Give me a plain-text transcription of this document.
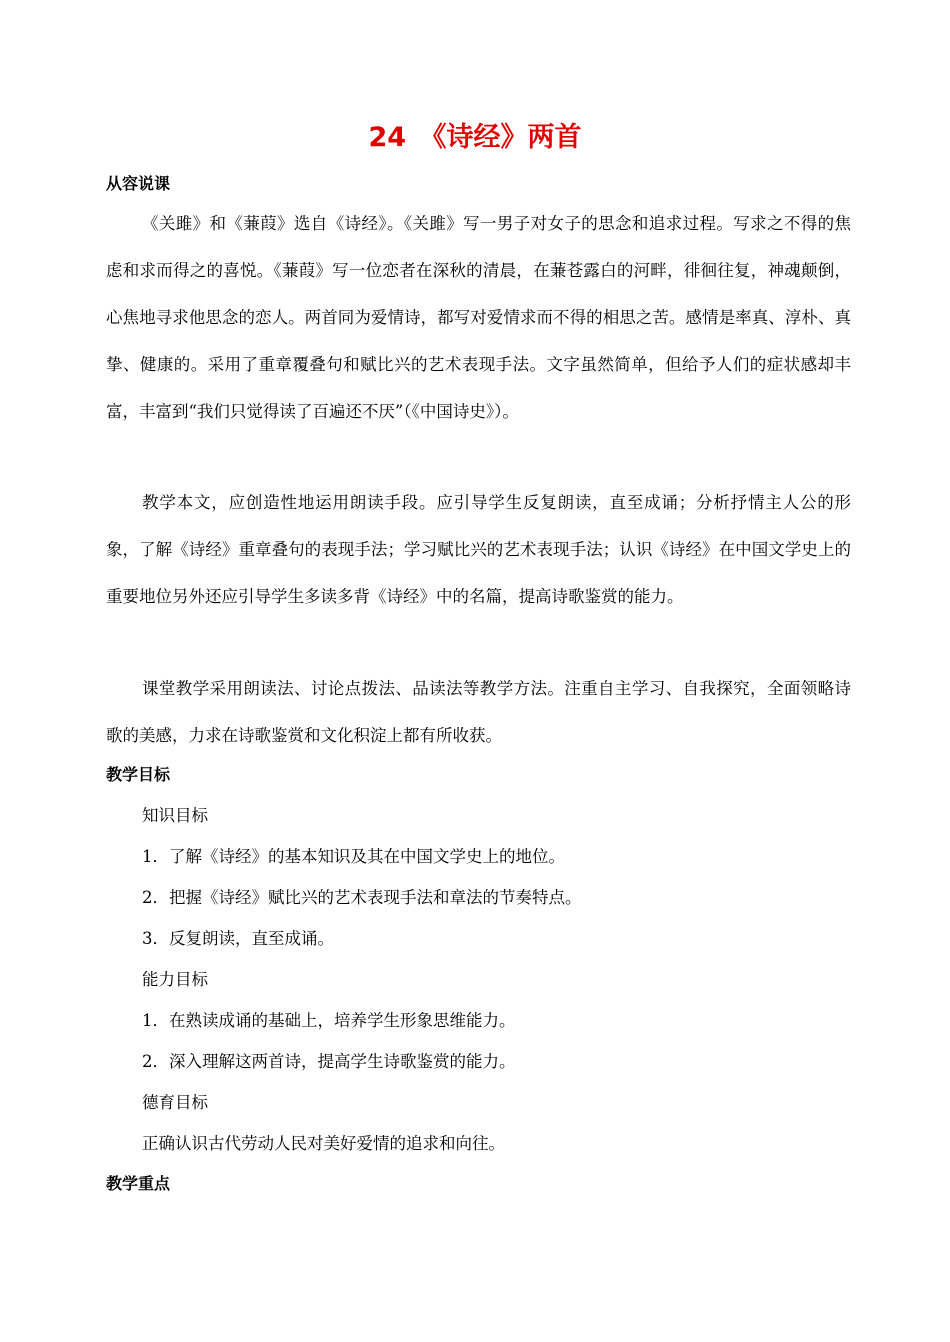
24　《诗经》两首
从容说课
《关雎》和《蒹葭》选自《诗经》。《关雎》写一男子对女子的思念和追求过程。写求之不得的焦虑和求而得之的喜悦。《蒹葭》写一位恋者在深秋的清晨，在蒹苍露白的河畔，徘徊往复，神魂颠倒，心焦地寻求他思念的恋人。两首同为爱情诗，都写对爱情求而不得的相思之苦。感情是率真、淳朴、真挚、健康的。采用了重章覆叠句和赋比兴的艺术表现手法。文字虽然简单，但给予人们的症状感却丰富，丰富到“我们只觉得读了百遍还不厌”（《中国诗史》）。
教学本文，应创造性地运用朗读手段。应引导学生反复朗读，直至成诵；分析抒情主人公的形象，了解《诗经》重章叠句的表现手法；学习赋比兴的艺术表现手法；认识《诗经》在中国文学史上的重要地位另外还应引导学生多读多背《诗经》中的名篇，提高诗歌鉴赏的能力。
课堂教学采用朗读法、讨论点拨法、品读法等教学方法。注重自主学习、自我探究，全面领略诗歌的美感，力求在诗歌鉴赏和文化积淀上都有所收获。
教学目标
知识目标
1．了解《诗经》的基本知识及其在中国文学史上的地位。
2．把握《诗经》赋比兴的艺术表现手法和章法的节奏特点。
3．反复朗读，直至成诵。
能力目标
1．在熟读成诵的基础上，培养学生形象思维能力。
2．深入理解这两首诗，提高学生诗歌鉴赏的能力。
德育目标
正确认识古代劳动人民对美好爱情的追求和向往。
教学重点
